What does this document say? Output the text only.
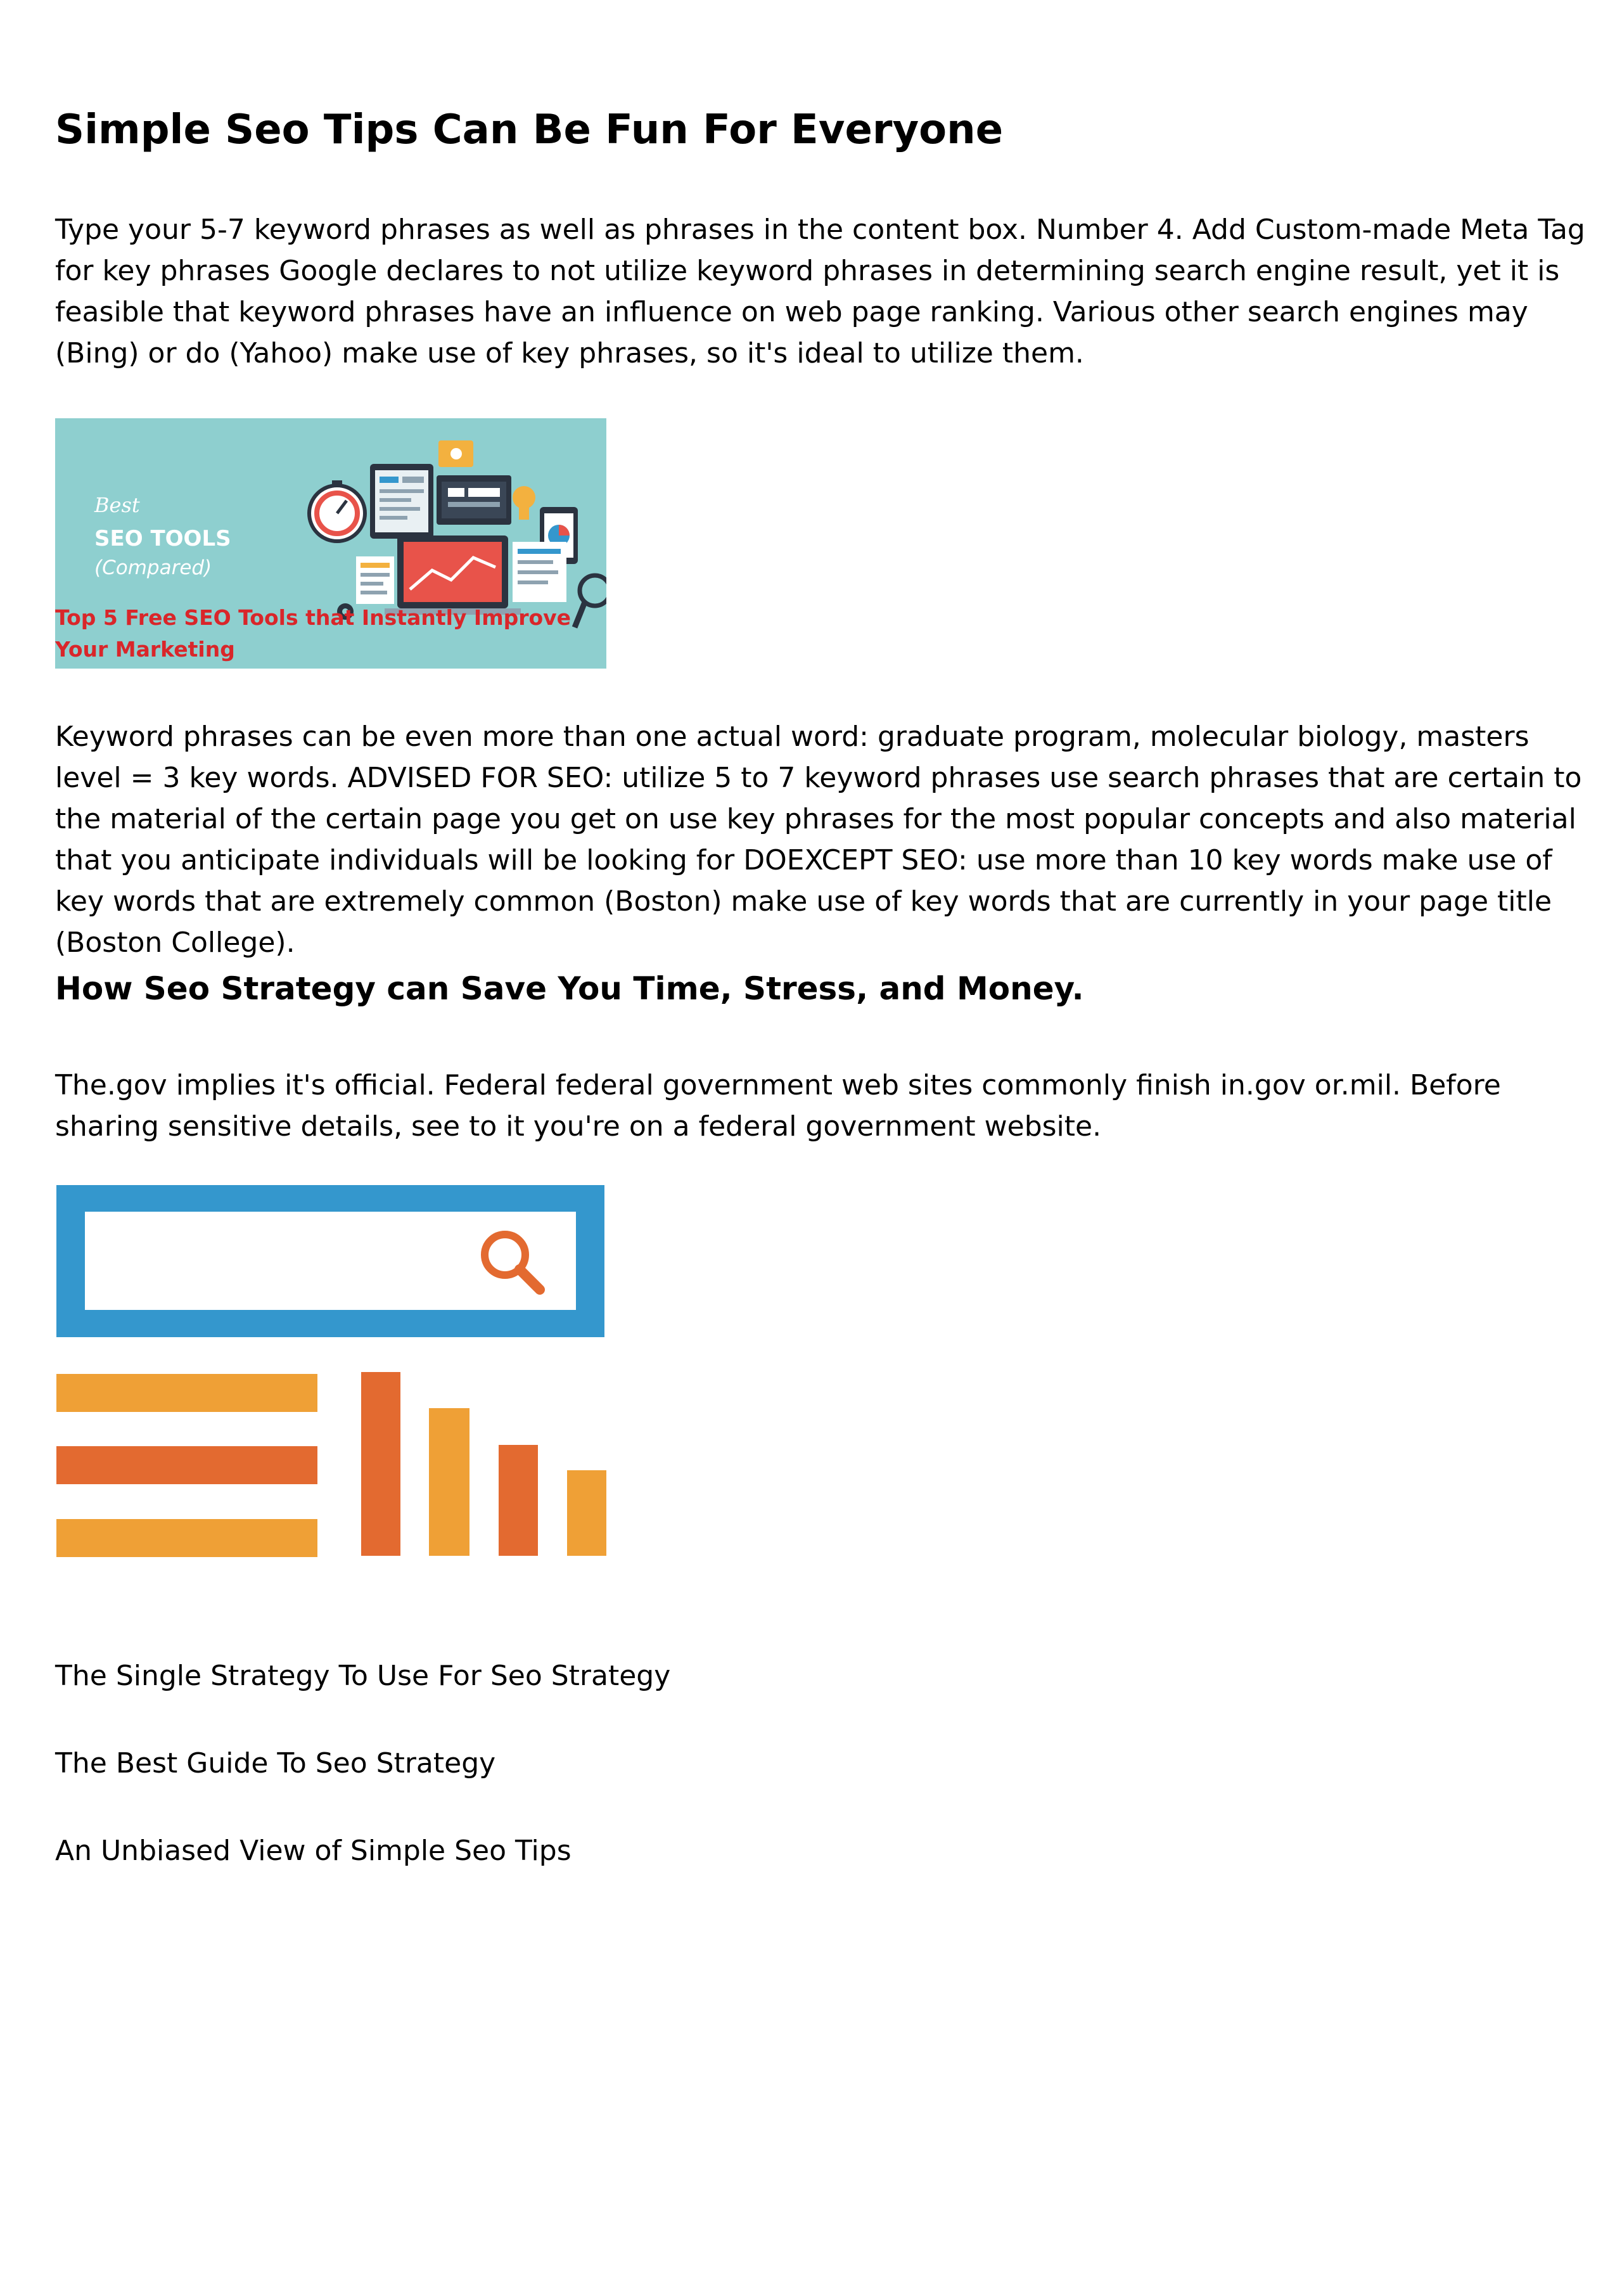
Simple Seo Tips Can Be Fun For Everyone

Type your 5-7 keyword phrases as well as phrases in the content box. Number 4. Add Custom-made Meta Tag for key phrases Google declares to not utilize keyword phrases in determining search engine result, yet it is feasible that keyword phrases have an influence on web page ranking. Various other search engines may (Bing) or do (Yahoo) make use of key phrases, so it's ideal to utilize them.

Best
SEO TOOLS
(Compared)
Top 5 Free SEO Tools that Instantly Improve Your Marketing

Keyword phrases can be even more than one actual word: graduate program, molecular biology, masters level = 3 key words. ADVISED FOR SEO: utilize 5 to 7 keyword phrases use search phrases that are certain to the material of the certain page you get on use key phrases for the most popular concepts and also material that you anticipate individuals will be looking for DOEXCEPT SEO: use more than 10 key words make use of key words that are extremely common (Boston) make use of key words that are currently in your page title (Boston College).

How Seo Strategy can Save You Time, Stress, and Money.

The.gov implies it's official. Federal federal government web sites commonly finish in.gov or.mil. Before sharing sensitive details, see to it you're on a federal government website.

The Single Strategy To Use For Seo Strategy
The Best Guide To Seo Strategy
An Unbiased View of Simple Seo Tips
